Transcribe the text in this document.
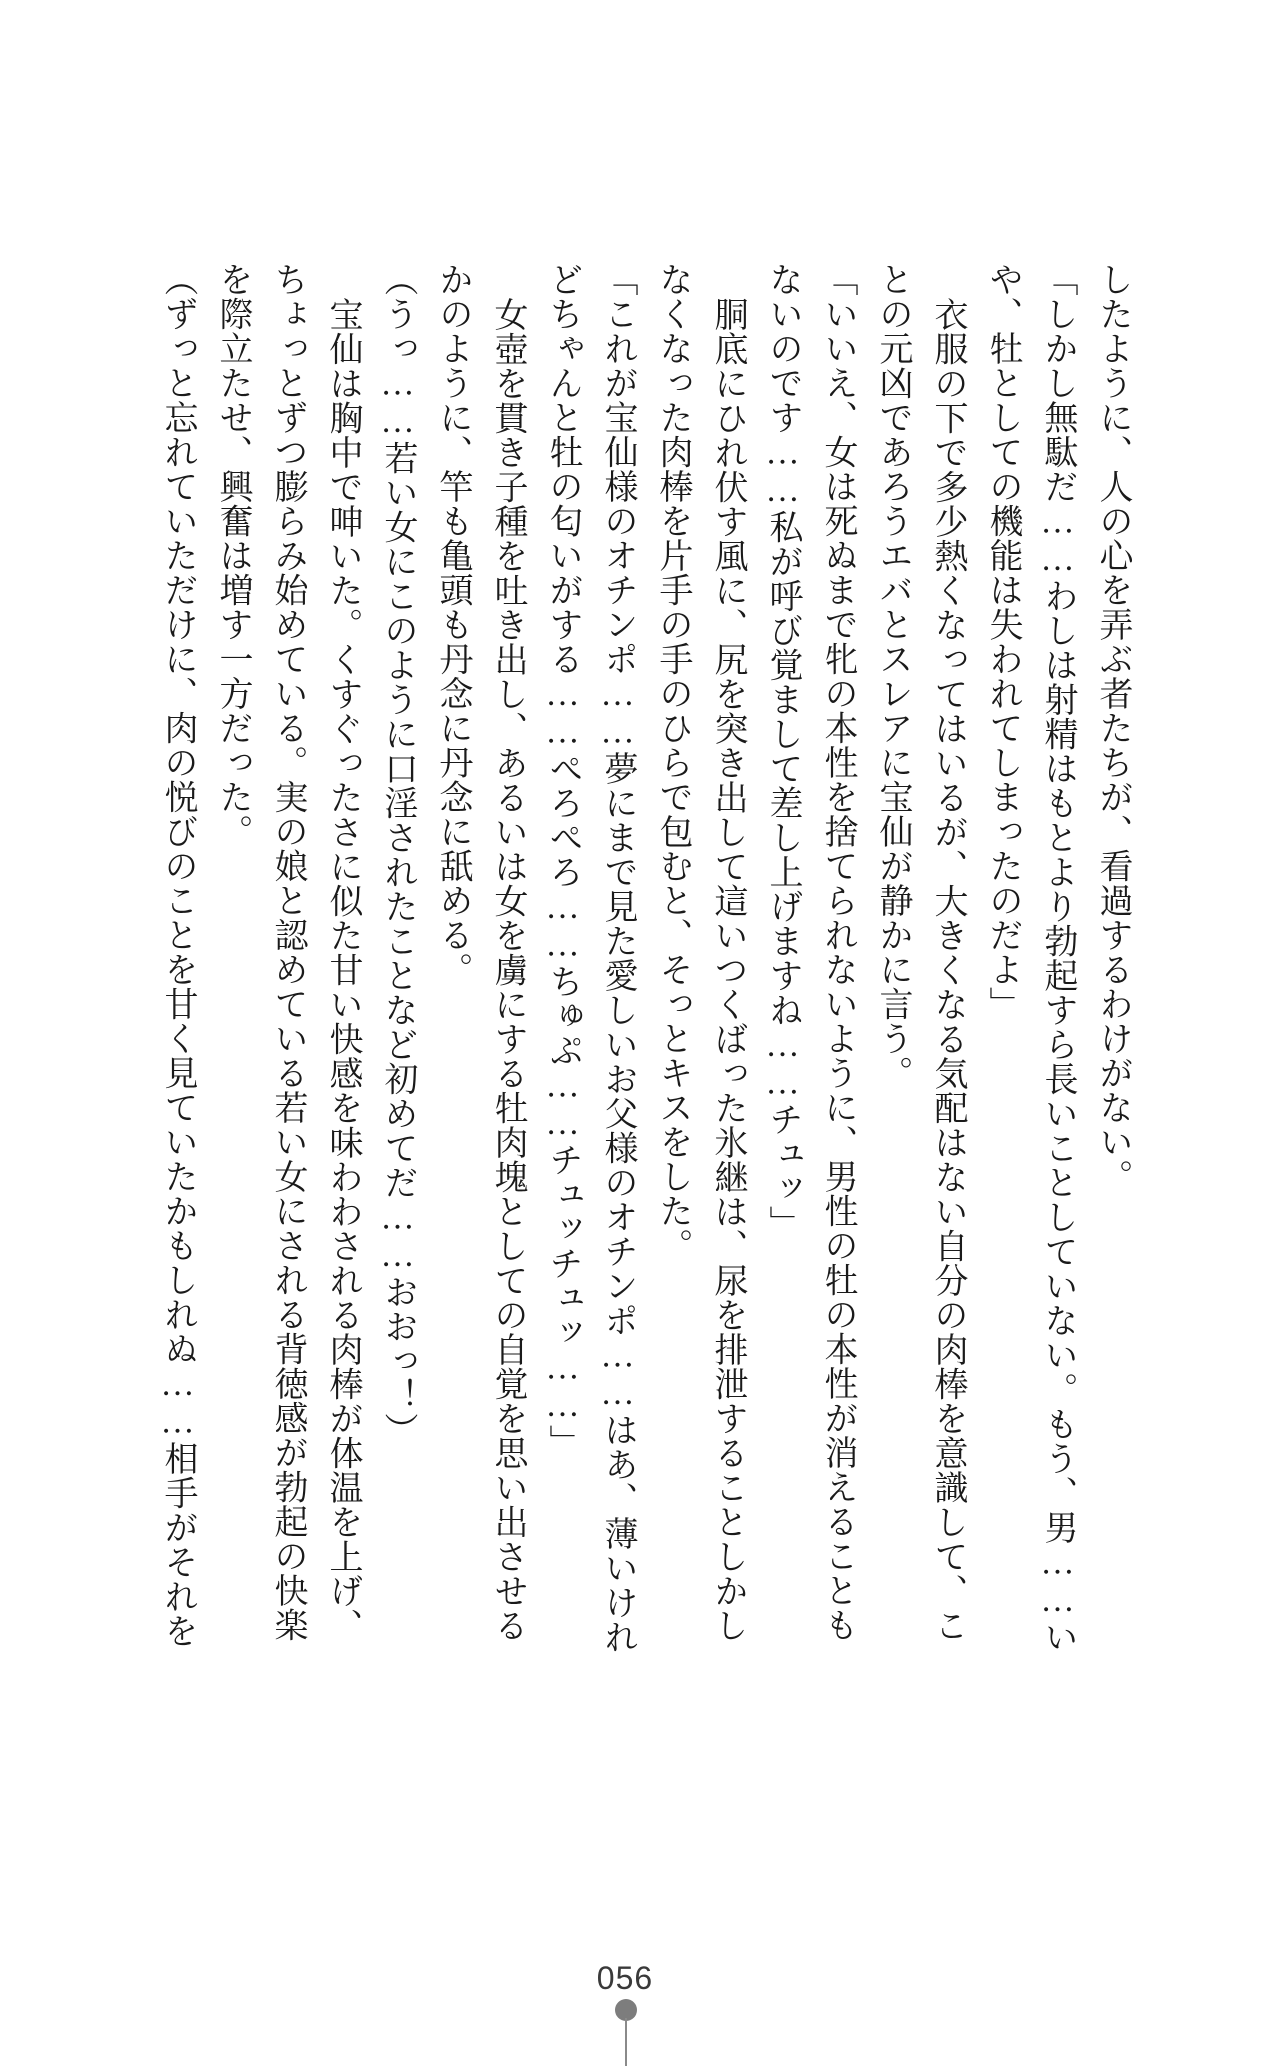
したように、人の心を弄ぶ者たちが、看過するわけがない。

「しかし無駄だ……わしは射精はもとより勃起すら長いことしていない。もう、男……い

や、牡としての機能は失われてしまったのだよ」

衣服の下で多少熱くなってはいるが、大きくなる気配はない自分の肉棒を意識して、こ

との元凶であろうエバとスレアに宝仙が静かに言う。

「いいえ、女は死ぬまで牝の本性を捨てられないように、男性の牡の本性が消えることも

ないのです……私が呼び覚まして差し上げますね……チュッ」

胴底にひれ伏す風に、尻を突き出して這いつくばった氷継は、尿を排泄することしかし

なくなった肉棒を片手の手のひらで包むと、そっとキスをした。

「これが宝仙様のオチンポ……夢にまで見た愛しいお父様のオチンポ……はあ、薄いけれ

どちゃんと牡の匂いがする……ぺろぺろ……ちゅぷ……チュッチュッ……」

女壺を貫き子種を吐き出し、あるいは女を虜にする牡肉塊としての自覚を思い出させる

かのように、竿も亀頭も丹念に丹念に舐める。

（うっ……若い女にこのように口淫されたことなど初めてだ……おおっ！）

宝仙は胸中で呻いた。くすぐったさに似た甘い快感を味わわされる肉棒が体温を上げ、

ちょっとずつ膨らみ始めている。実の娘と認めている若い女にされる背徳感が勃起の快楽

を際立たせ、興奮は増す一方だった。

（ずっと忘れていただけに、肉の悦びのことを甘く見ていたかもしれぬ……相手がそれを

056
